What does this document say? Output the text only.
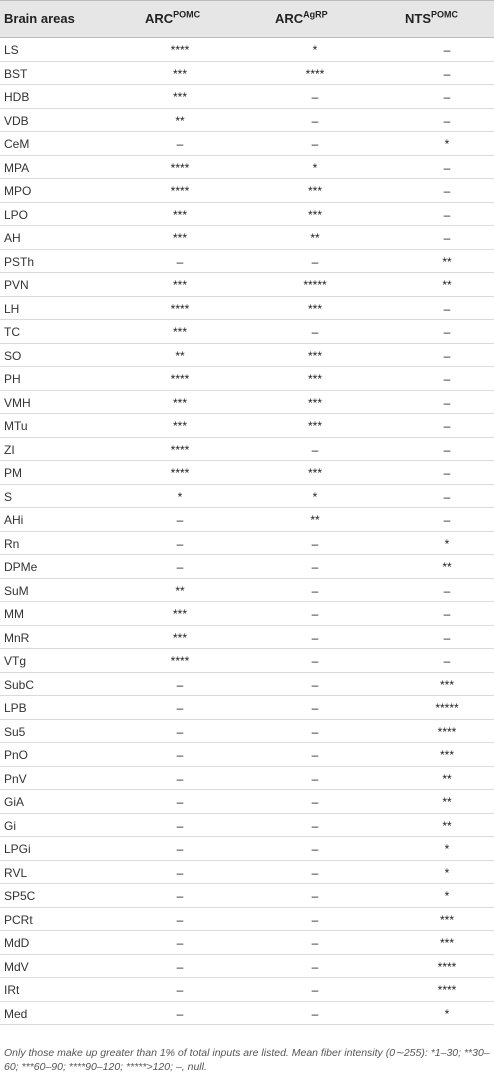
Brain areas	$ARC^{POMC}$	$ARC^{AgRP}$	$NTS^{POMC}$
LS	****	*	–
BST	***	****	–
HDB	***	–	–
VDB	**	–	–
CeM	–	–	*
MPA	****	*	–
MPO	****	***	–
LPO	***	***	–
AH	***	**	–
PSTh	–	–	**
PVN	***	*****	**
LH	****	***	–
TC	***	–	–
SO	**	***	–
PH	****	***	–
VMH	***	***	–
MTu	***	***	–
ZI	****	–	–
PM	****	***	–
S	*	*	–
AHi	–	**	–
Rn	–	–	*
DPMe	–	–	**
SuM	**	–	–
MM	***	–	–
MnR	***	–	–
VTg	****	–	–
SubC	–	–	***
LPB	–	–	*****
Su5	–	–	****
PnO	–	–	***
PnV	–	–	**
GiA	–	–	**
Gi	–	–	**
LPGi	–	–	*
RVL	–	–	*
SP5C	–	–	*
PCRt	–	–	***
MdD	–	–	***
MdV	–	–	****
IRt	–	–	****
Med	–	–	*
Only those make up greater than 1% of total inputs are listed. Mean fiber intensity (0∼255): *1–30; **30–60; ***60–90; ****90–120; *****>120; –, null.
